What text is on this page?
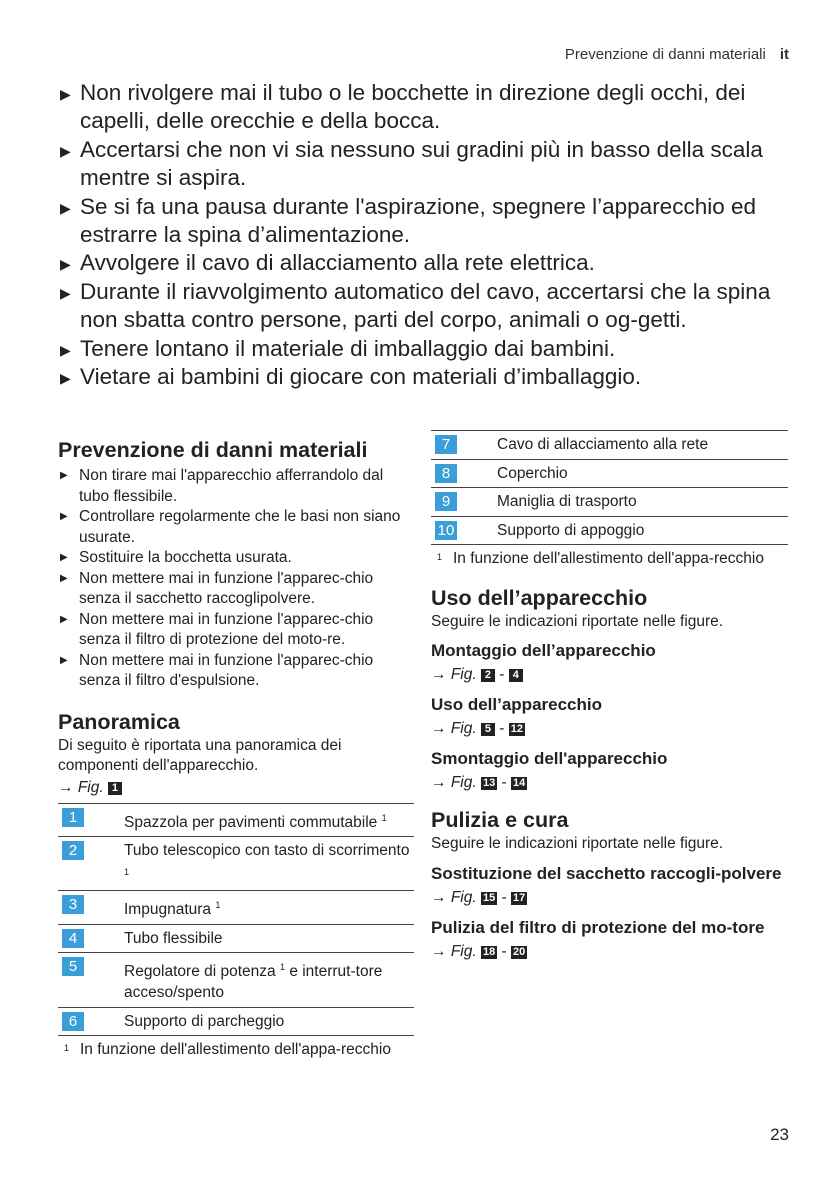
Prevenzione di danni materiali it
▶ Non rivolgere mai il tubo o le bocchette in direzione degli occhi, dei capelli, delle orecchie e della bocca.
▶ Accertarsi che non vi sia nessuno sui gradini più in basso della scala mentre si aspira.
▶ Se si fa una pausa durante l'aspirazione, spegnere l’apparecchio ed estrarre la spina d’alimentazione.
▶ Avvolgere il cavo di allacciamento alla rete elettrica.
▶ Durante il riavvolgimento automatico del cavo, accertarsi che la spina non sbatta contro persone, parti del corpo, animali o og-getti.
▶ Tenere lontano il materiale di imballaggio dai bambini.
▶ Vietare ai bambini di giocare con materiali d’imballaggio.
Prevenzione di danni materiali
▶ Non tirare mai l'apparecchio afferrandolo dal tubo flessibile.
▶ Controllare regolarmente che le basi non siano usurate.
▶ Sostituire la bocchetta usurata.
▶ Non mettere mai in funzione l'apparec-chio senza il sacchetto raccoglipolvere.
▶ Non mettere mai in funzione l'apparec-chio senza il filtro di protezione del moto-re.
▶ Non mettere mai in funzione l'apparec-chio senza il filtro d'espulsione.
Panoramica

Di seguito è riportata una panoramica dei componenti dell'apparecchio.

→ Fig. 1
1	Spazzola per pavimenti commutabile $^1$
2	Tubo telescopico con tasto di scorrimento $^1$
3	Impugnatura $^1$
4	Tubo flessibile
5	Regolatore di potenza $^1$ e interrut-tore acceso/spento
6	Supporto di parcheggio
1 In funzione dell'allestimento dell'appa-recchio
7	Cavo di allacciamento alla rete
8	Coperchio
9	Maniglia di trasporto
10	Supporto di appoggio
1 In funzione dell'allestimento dell'appa-recchio
Uso dell’apparecchio

Seguire le indicazioni riportate nelle figure.

Montaggio dell’apparecchio
→ Fig. 2 - 4
Uso dell’apparecchio
→ Fig. 5 - 12
Smontaggio dell'apparecchio
→ Fig. 13 - 14
Pulizia e cura

Seguire le indicazioni riportate nelle figure.

Sostituzione del sacchetto raccogli-polvere
→ Fig. 15 - 17
Pulizia del filtro di protezione del mo-tore
→ Fig. 18 - 20
23
